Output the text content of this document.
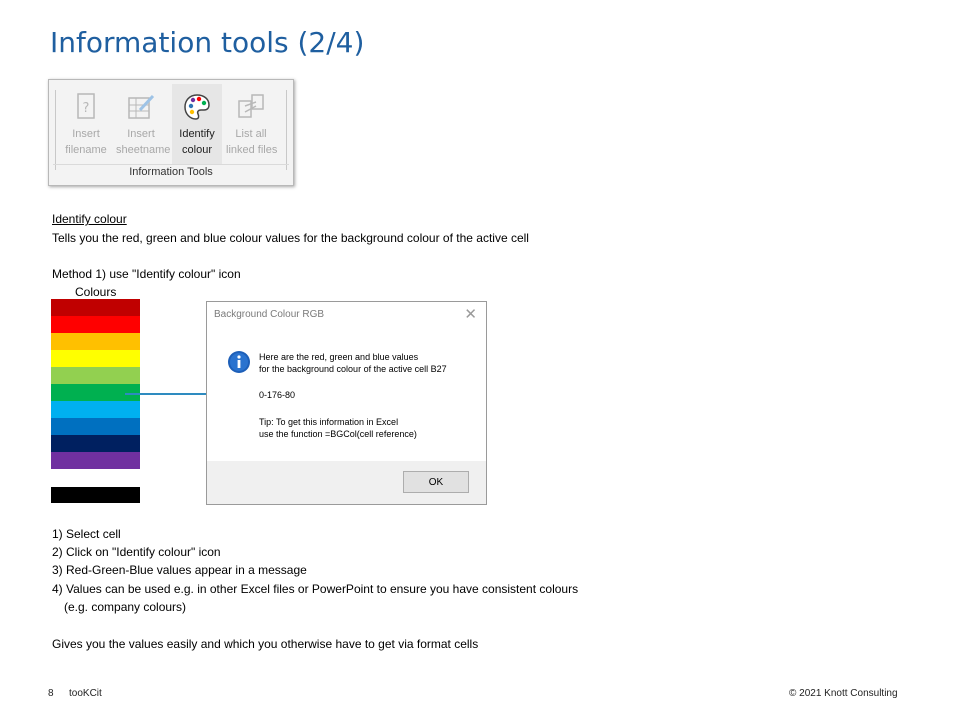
Information tools (2/4)
?
Insert
filename
Insert
sheetname
Identify
colour
List all
linked files
Information Tools
Identify colour
Tells you the red, green and blue colour values for the background colour of the active cell
Method 1) use "Identify colour" icon
Colours
Background Colour RGB	✕
Here are the red, green and blue values
for the background colour of the active cell B27
0-176-80
Tip: To get this information in Excel
use the function =BGCol(cell reference)
OK
1) Select cell
2) Click on "Identify colour" icon
3) Red-Green-Blue values appear in a message
4) Values can be used e.g. in other Excel files or PowerPoint to ensure you have consistent colours
(e.g. company colours)
Gives you the values easily and which you otherwise have to get via format cells
8 tooKCit	© 2021 Knott Consulting
